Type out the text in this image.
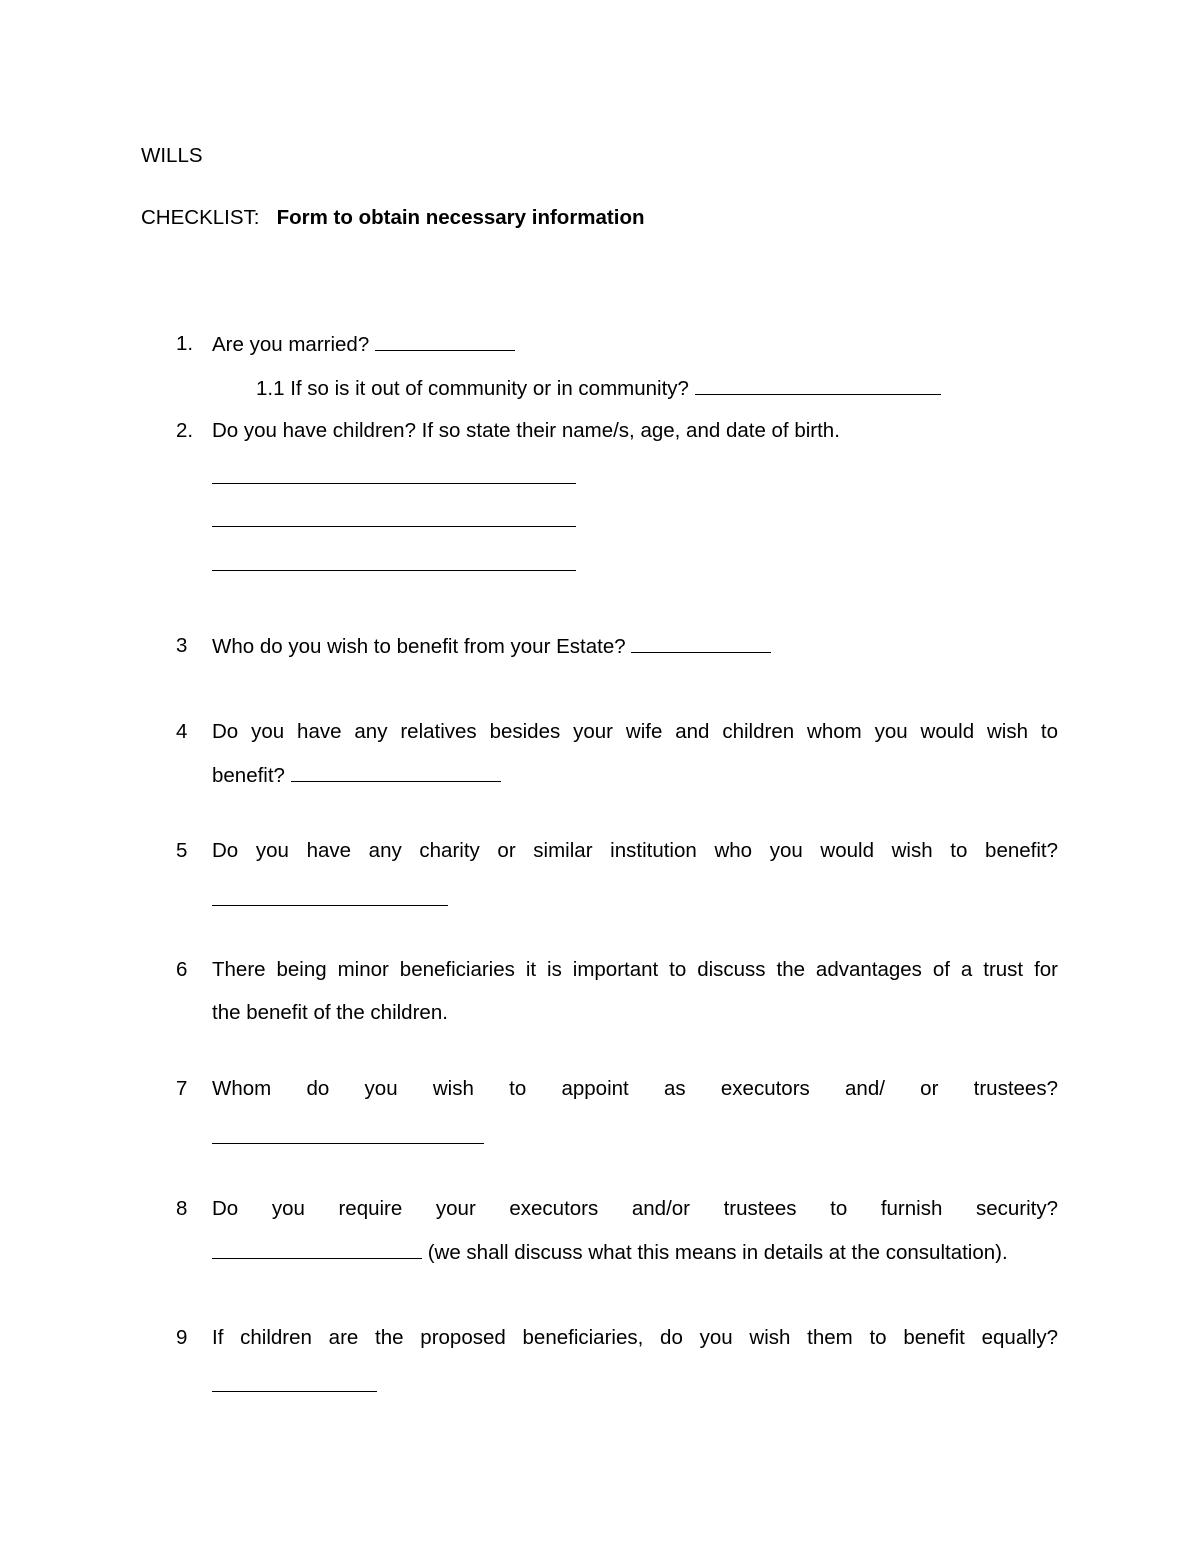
WILLS
CHECKLIST: Form to obtain necessary information
1. Are you married?
1.1 If so is it out of community or in community?
2. Do you have children? If so state their name/s, age, and date of birth.
3 Who do you wish to benefit from your Estate?
4 Do you have any relatives besides your wife and children whom you would wish to
benefit?
5 Do you have any charity or similar institution who you would wish to benefit?
6 There being minor beneficiaries it is important to discuss the advantages of a trust for
the benefit of the children.
7 Whom do you wish to appoint as executors and/ or trustees?
8 Do you require your executors and/or trustees to furnish security?
(we shall discuss what this means in details at the consultation).
9 If children are the proposed beneficiaries, do you wish them to benefit equally?
